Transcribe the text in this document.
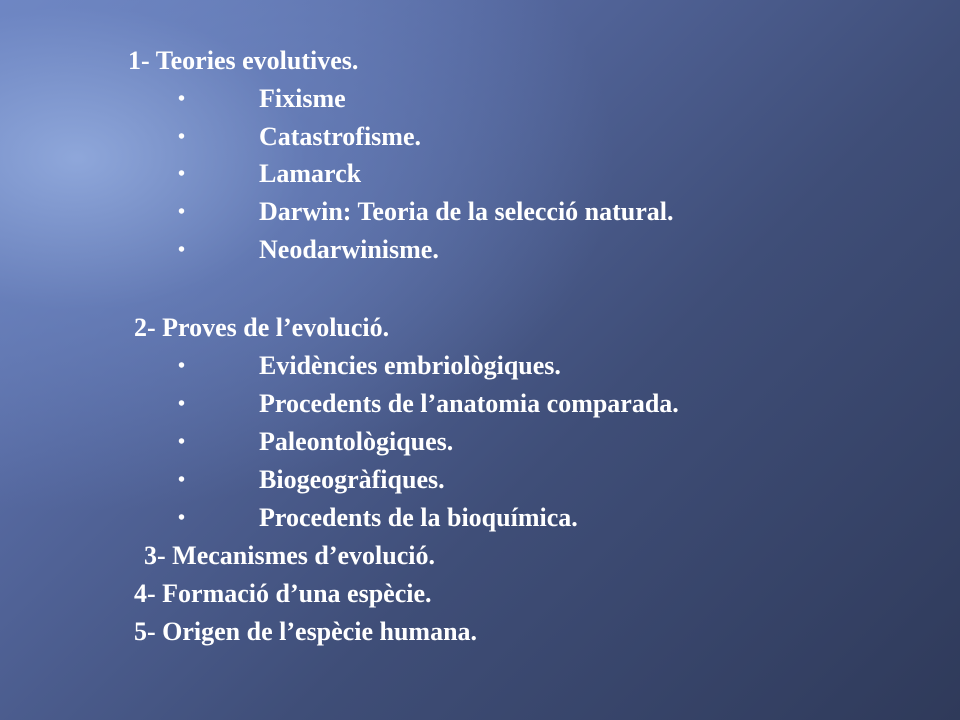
1- Teories evolutives.
•	Fixisme
•	Catastrofisme.
•	Lamarck
•	Darwin: Teoria de la selecció natural.
•	Neodarwinisme.
2- Proves de l’evolució.
•	Evidències embriològiques.
•	Procedents de l’anatomia comparada.
•	Paleontològiques.
•	Biogeogràfiques.
•	Procedents de la bioquímica.
3- Mecanismes d’evolució.
4- Formació d’una espècie.
5- Origen de l’espècie humana.
